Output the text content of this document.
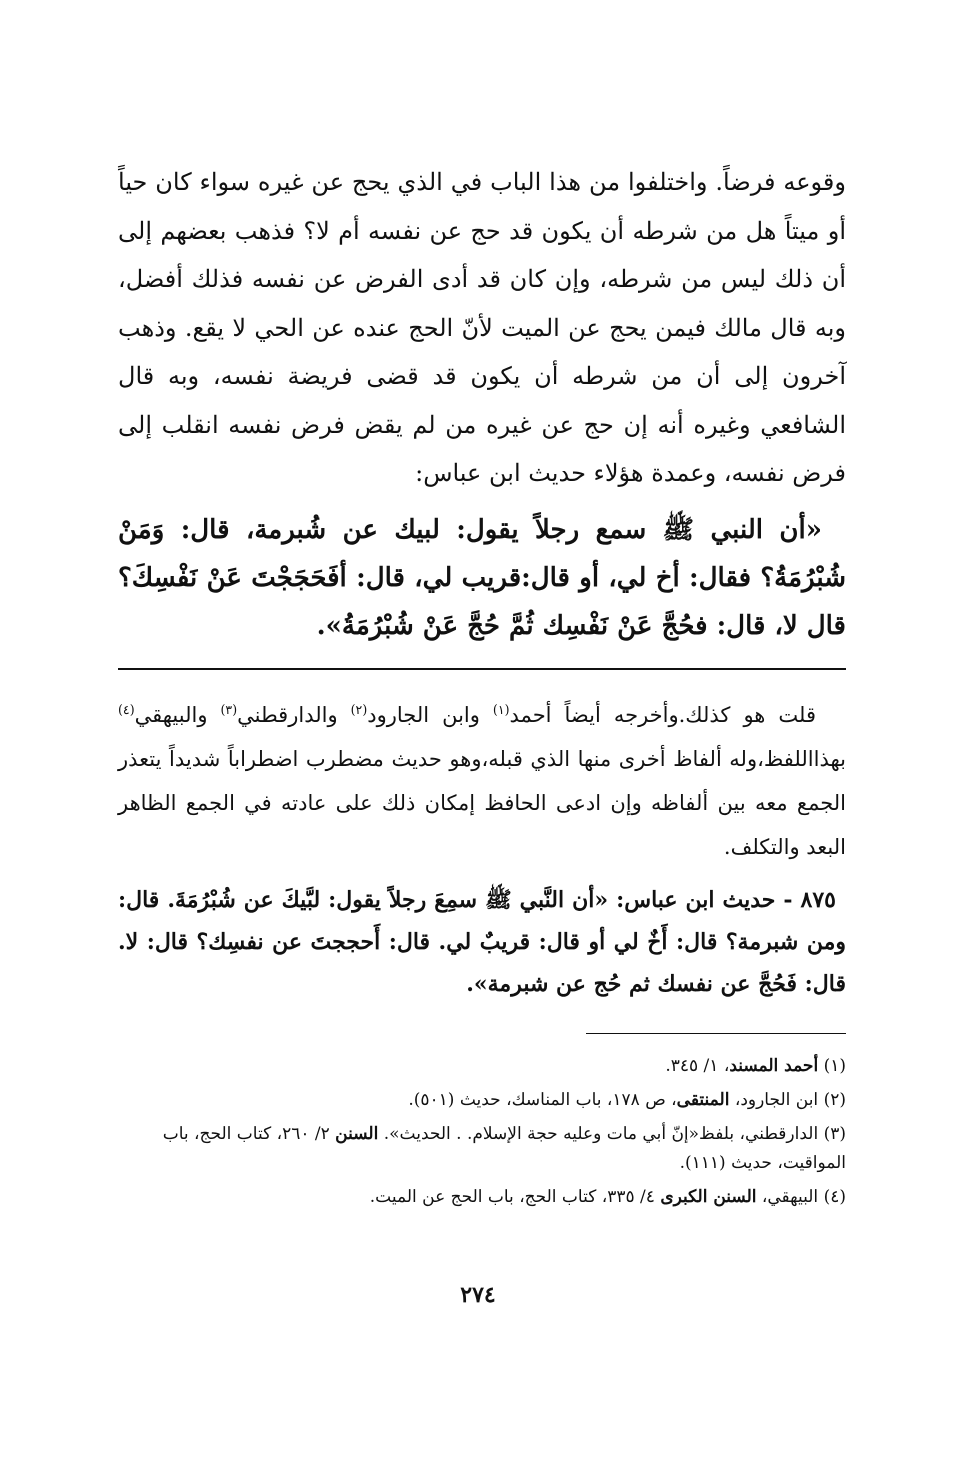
وقوعه فرضاً. واختلفوا من هذا الباب في الذي يحج عن غيره سواء كان حياً أو ميتاً هل من شرطه أن يكون قد حج عن نفسه أم لا؟ فذهب بعضهم إلى أن ذلك ليس من شرطه، وإن كان قد أدى الفرض عن نفسه فذلك أفضل، وبه قال مالك فيمن يحج عن الميت لأنّ الحج عنده عن الحي لا يقع. وذهب آخرون إلى أن من شرطه أن يكون قد قضى فريضة نفسه، وبه قال الشافعي وغيره أنه إن حج عن غيره من لم يقض فرض نفسه انقلب إلى فرض نفسه، وعمدة هؤلاء حديث ابن عباس:

«أن النبي ﷺ سمع رجلاً يقول: لبيك عن شُبرمة، قال: وَمَنْ شُبْرُمَةُ؟ فقال: أخ لي، أو قال:قريب لي، قال: أفَحَجَجْتَ عَنْ نَفْسِكَ؟ قال لا، قال: فحُجَّ عَنْ نَفْسِك ثُمَّ حُجَّ عَنْ شُبْرُمَةُ».

قلت هو كذلك.وأخرجه أيضاً أحمد$^{(١)}$ وابن الجارود$^{(٢)}$ والدارقطني$^{(٣)}$ والبيهقي$^{(٤)}$ بهذااللفظ،وله ألفاظ أخرى منها الذي قبله،وهو حديث مضطرب اضطراباً شديداً يتعذر الجمع معه بين ألفاظه وإن ادعى الحافظ إمكان ذلك على عادته في الجمع الظاهر البعد والتكلف.

٨٧٥ - حديث ابن عباس: «أن النَّبي ﷺ سمِعَ رجلاً يقول: لبَّيكَ عن شُبْرُمَةَ. قال: ومن شبرمة؟ قال: أَخٌ لي أو قال: قريبٌ لي. قال: أَحججتَ عن نفسِك؟ قال: لا. قال: فَحُجَّ عن نفسك ثم حُج عن شبرمة».

(١) أحمد المسند، ١/ ٣٤٥.

(٢) ابن الجارود، المنتقى، ص ١٧٨، باب المناسك، حديث (٥٠١).

(٣) الدارقطني، بلفظ«إنّ أبي مات وعليه حجة الإسلام. . الحديث». السنن ٢/ ٢٦٠، كتاب الحج، باب المواقيت، حديث (١١١).

(٤) البيهقي، السنن الكبرى ٤/ ٣٣٥، كتاب الحج، باب الحج عن الميت.

٢٧٤
